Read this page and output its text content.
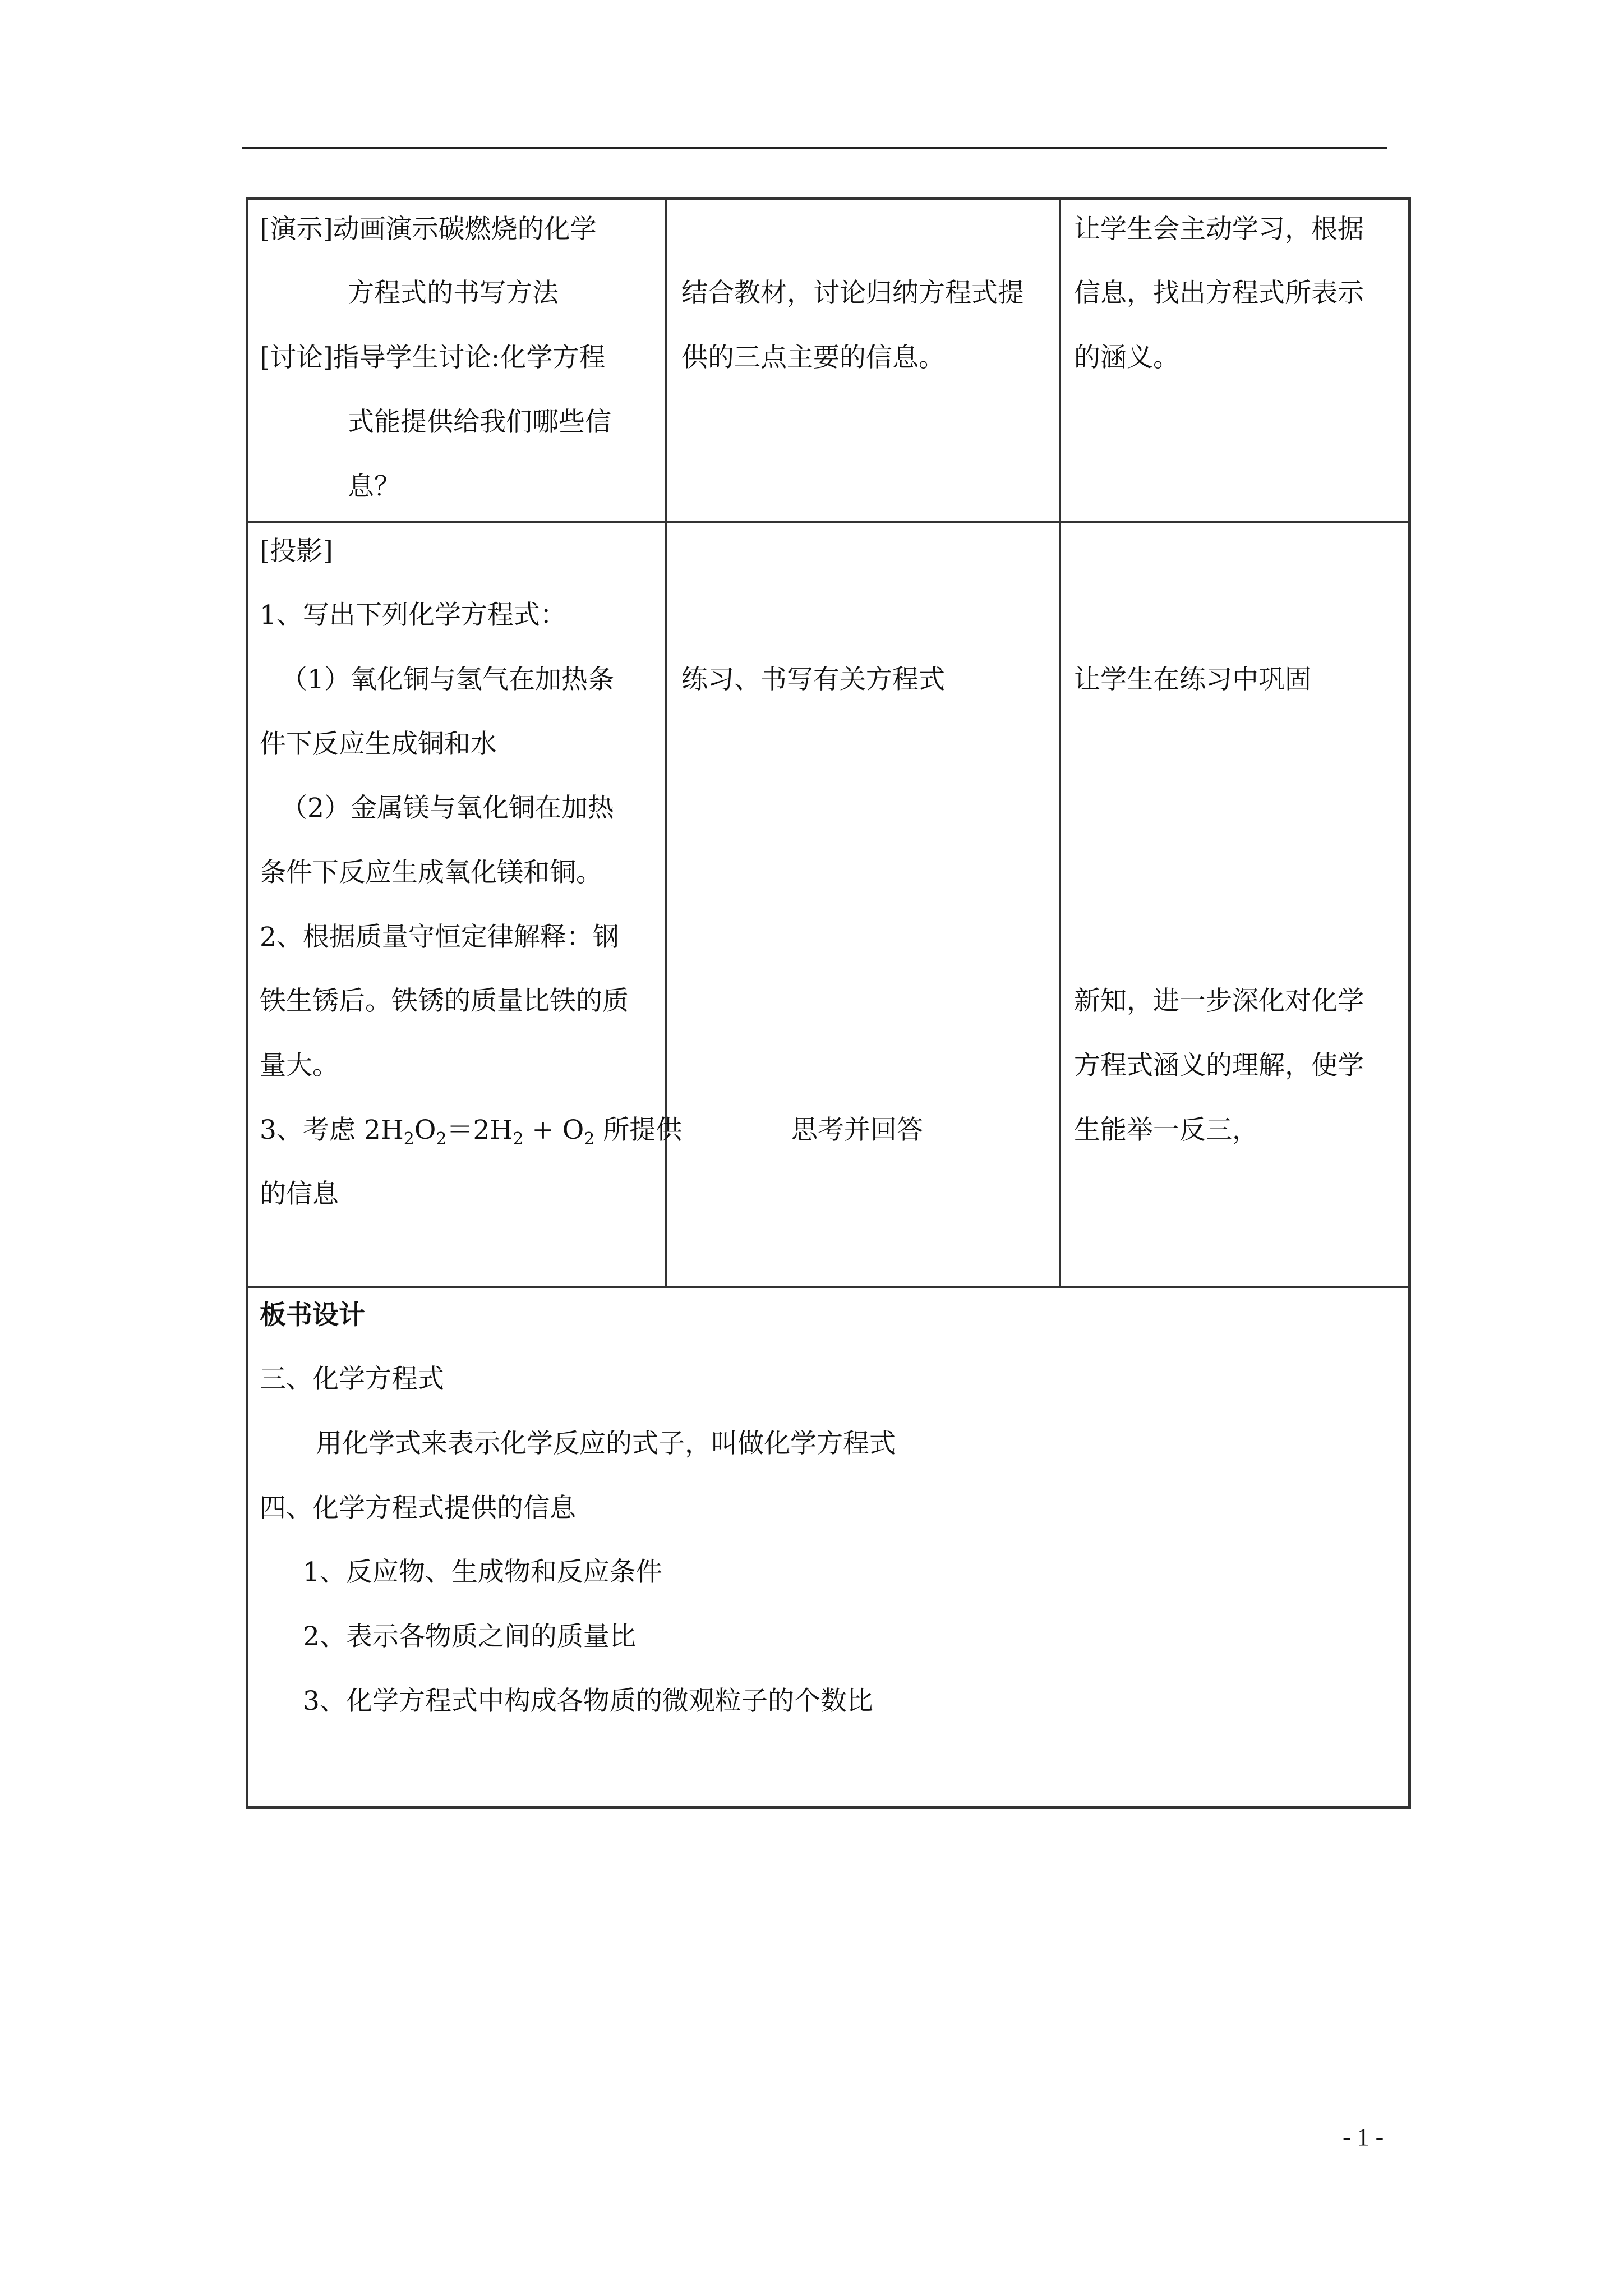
[演示]动画演示碳燃烧的化学
方程式的书写方法
[讨论]指导学生讨论:化学方程
式能提供给我们哪些信
息？
结合教材，讨论归纳方程式提
供的三点主要的信息。
让学生会主动学习，根据
信息，找出方程式所表示
的涵义。
[投影]
1、写出下列化学方程式：
（1）氧化铜与氢气在加热条
件下反应生成铜和水
（2）金属镁与氧化铜在加热
条件下反应生成氧化镁和铜。
2、根据质量守恒定律解释：钢
铁生锈后。铁锈的质量比铁的质
量大。
3、考虑 $2H_2O_2=2H_2 + O_2$ 所提供
的信息
练习、书写有关方程式
思考并回答
让学生在练习中巩固
新知，进一步深化对化学
方程式涵义的理解，使学
生能举一反三，
板书设计
三、化学方程式
用化学式来表示化学反应的式子，叫做化学方程式
四、化学方程式提供的信息
1、反应物、生成物和反应条件
2、表示各物质之间的质量比
3、化学方程式中构成各物质的微观粒子的个数比
- 1 -
